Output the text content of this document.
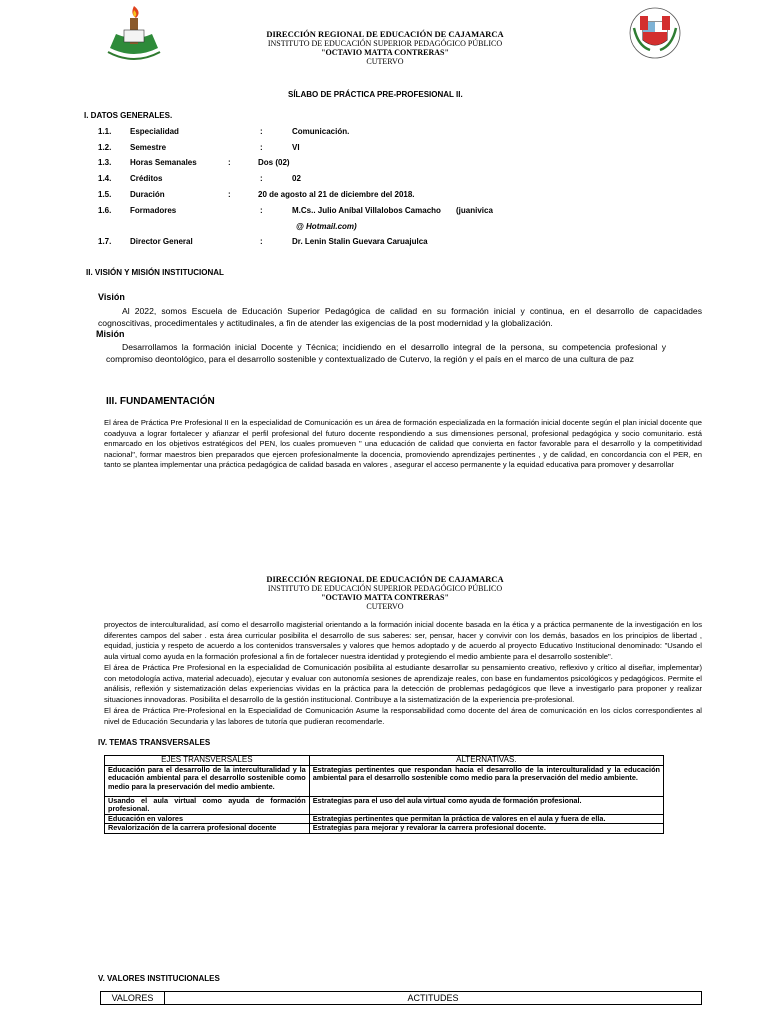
DIRECCIÓN REGIONAL DE EDUCACIÓN DE CAJAMARCA
INSTITUTO DE EDUCACIÓN SUPERIOR PEDAGÓGICO PÚBLICO
"OCTAVIO MATTA CONTRERAS"
CUTERVO
SÍLABO DE PRÁCTICA PRE-PROFESIONAL II.
I. DATOS GENERALES.
1.1. Especialidad	:	Comunicación.
1.2. Semestre	:	VI
1.3. Horas Semanales	:	Dos (02)
1.4. Créditos	:	02
1.5. Duración	:	20 de agosto al 21 de diciembre del 2018.
1.6. Formadores	:	M.Cs.. Julio Aníbal Villalobos Camacho (juanivica
@ Hotmail.com)
1.7. Director General	:	Dr. Lenin Stalin Guevara Caruajulca
II. VISIÓN Y MISIÓN INSTITUCIONAL
Visión
Al 2022, somos Escuela de Educación Superior Pedagógica de calidad en su formación inicial y continua, en el desarrollo de capacidades cognoscitivas, procedimentales y actitudinales, a fin de atender las exigencias de la post modernidad y la globalización.
Misión
Desarrollamos la formación inicial Docente y Técnica; incidiendo en el desarrollo integral de la persona, su competencia profesional y compromiso deontológico, para el desarrollo sostenible y contextualizado de Cutervo, la región y el país en el marco de una cultura de paz
III. FUNDAMENTACIÓN
El área de Práctica Pre Profesional II en la especialidad de Comunicación es un área de formación especializada en la formación inicial docente según el plan inicial docente que coadyuva a lograr fortalecer y afianzar el perfil profesional del futuro docente respondiendo a sus dimensiones personal, profesional pedagógica y socio comunitario. está enmarcado en los objetivos estratégicos del PEN, los cuales promueven " una educación de calidad que convierta en factor favorable para el desarrollo y la competitividad nacional", formar maestros bien preparados que ejercen profesionalmente la docencia, promoviendo aprendizajes pertinentes , y de calidad, en concordancia con el PER, en tanto se plantea implementar una práctica pedagógica de calidad basada en valores , asegurar el acceso permanente y la equidad educativa para promover y desarrollar
DIRECCIÓN REGIONAL DE EDUCACIÓN DE CAJAMARCA
INSTITUTO DE EDUCACIÓN SUPERIOR PEDAGÓGICO PÚBLICO
"OCTAVIO MATTA CONTRERAS"
CUTERVO
proyectos de interculturalidad, así como el desarrollo magisterial orientando a la formación inicial docente basada en la ética y a práctica permanente de la investigación en los diferentes campos del saber . esta área curricular posibilita el desarrollo de sus saberes: ser, pensar, hacer y convivir con los demás, basados en los principios de libertad , equidad, justicia y respeto de acuerdo a los contenidos transversales y valores que hemos adoptado y de acuerdo al proyecto Educativo Institucional denominado: "Usando el aula virtual como ayuda en la formación profesional a fin de fortalecer nuestra identidad y protegiendo el medio ambiente para el desarrollo sostenible".
El área de Práctica Pre Profesional en la especialidad de Comunicación posibilita al estudiante desarrollar su pensamiento creativo, reflexivo y crítico al diseñar, implementar) con metodología activa, material adecuado), ejecutar y evaluar con autonomía sesiones de aprendizaje reales, con base en fundamentos psicológicos y pedagógicos. Permite el análisis, reflexión y sistematización delas experiencias vividas en la práctica para la detección de problemas pedagógicos que lleve a investigarlo para proponer y realizar situaciones innovadoras. Posibilita el desarrollo de la gestión institucional. Contribuye a la sistematización de la experiencia pre-profesional.
El área de Práctica Pre-Profesional en la Especialidad de Comunicación Asume la responsabilidad como docente del área de comunicación en los ciclos correspondientes al nivel de Educación Secundaria y las labores de tutoría que pudieran recomendarle.
IV. TEMAS TRANSVERSALES
EJES TRANSVERSALES	ALTERNATIVAS.
Educación para el desarrollo de la interculturalidad y la educación ambiental para el desarrollo sostenible como medio para la preservación del medio ambiente.	Estrategias pertinentes que respondan hacia el desarrollo de la interculturalidad y la educación ambiental para el desarrollo sostenible como medio para la preservación del medio ambiente.
Usando el aula virtual como ayuda de formación profesional.	Estrategias para el uso del aula virtual como ayuda de formación profesional.
Educación en valores	Estrategias pertinentes que permitan la práctica de valores en el aula y fuera de ella.
Revalorización de la carrera profesional docente	Estrategias para mejorar y revalorar la carrera profesional docente.
V. VALORES INSTITUCIONALES
VALORES	ACTITUDES
